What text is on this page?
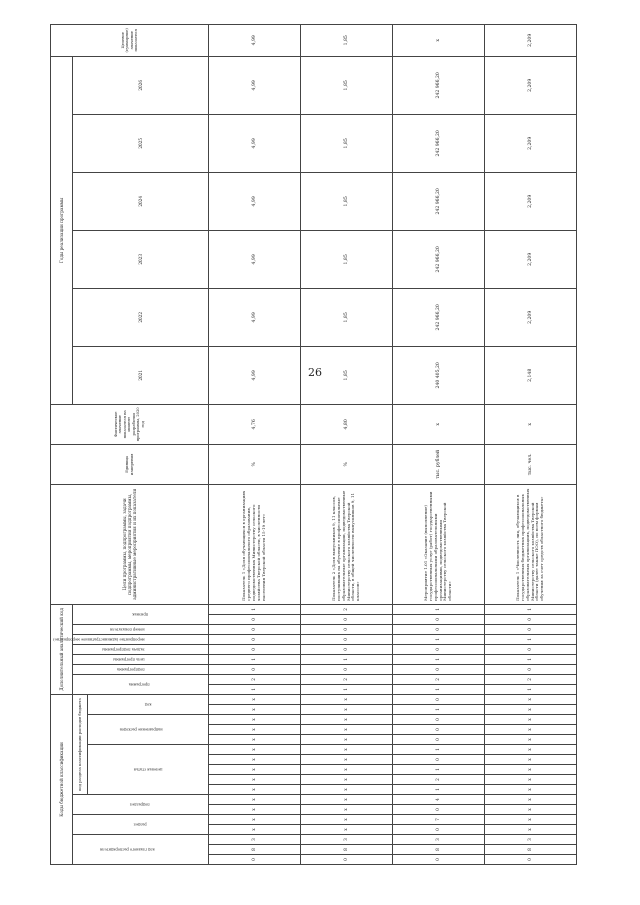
26
Коды бюджетной классификации																	Дополнительный аналитический код									Цели программы, подпрограммы, задачи подпрограммы, мероприятия подпрограммы, административные мероприятия и их показатели	Единица измерения	Фактическое значение показателя на момент разработки программы, 2020 год	Годы реализации программы						Целевое (суммарное) значение показателя

код главного распорядителя			раздел		подраздел		код раздела классификации расходов бюджета										программа		подпрограмма	цель программы	задача подпрограммы	мероприятие (административное мероприятие)	номер показателя	признак					2021	2022	2023	2024	2025	2026	

							целевая статья					направление расходов			код																				

0	8	3	х	х	х	х	х	х	х	х	х	х	х	х	х	х	1	2	0	1	0	0	0	0	1	Показатель 1 «Доля обучающихся в организациях среднего профессионального образования, подведомственных Министерству сельского хозяйства Тверской области, в численности населения Тверской области 15-19 лет»	%	4,76	4,99	4,99	4,99	4,99	4,99	4,99	4,99
0	8	3	х	х	х	х	х	х	х	х	х	х	х	х	х	х	1	2	0	1	0	0	0	0	2	Показатель 2 «Доля выпускников 9, 11 классов, поступивших на обучение в профессиональные образовательные организации, подведомственные Министерству сельского хозяйства Тверской области, в общей численности выпускников 9, 11 классов»	%	4,80	1,85	1,85	1,85	1,85	1,85	1,85	1,85
0	8	3	0	7	0	4	1	2	1	0	1	0	0	0	1	0	1	2	0	1	0	1	0	0	1	Мероприятие 1.01 «Оказание (выполнение) государственных услуг (работ) государственными профессиональными образовательными организациями, подведомственными Министерству сельского хозяйства Тверской области»	тыс. рублей	х	240 405,20	242 966,20	242 966,20	242 966,20	242 966,20	242 966,20	х
0	8	3	х	х	х	х	х	х	х	х	х	х	х	х	х	х	1	2	0	1	0	1	0	0	1	Показатель 1 «Численность лиц, обучающихся в государственных бюджетных профессиональных образовательных организациях, подведомственных Министерству сельского хозяйства Тверской области (далее также ПОО), по всем формам обучения за счет средств областного бюджета»	тыс. чел.	х	2,148	2,209	2,209	2,209	2,209	2,209	2,209
